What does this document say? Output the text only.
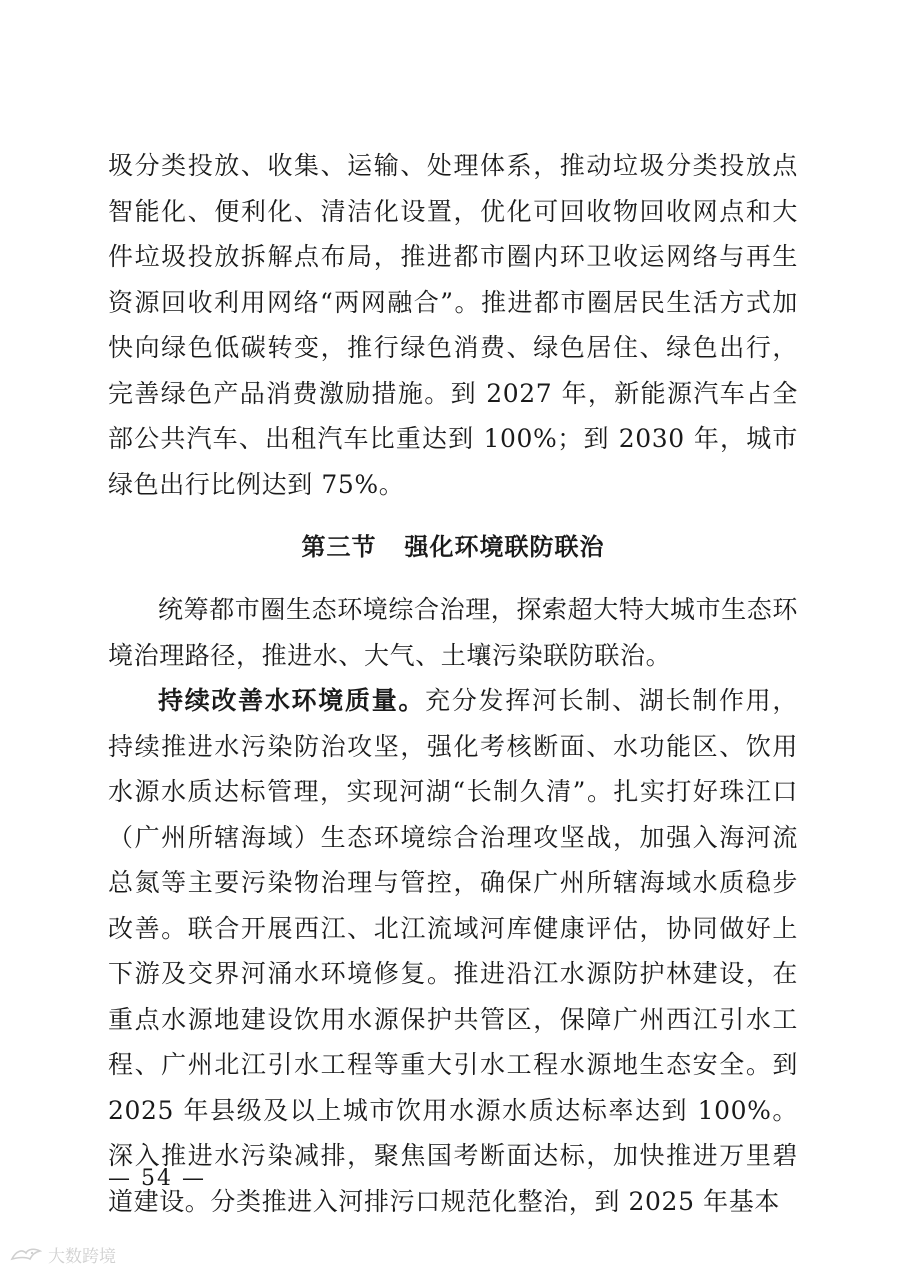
圾分类投放、收集、运输、处理体系，推动垃圾分类投放点智能化、便利化、清洁化设置，优化可回收物回收网点和大件垃圾投放拆解点布局，推进都市圈内环卫收运网络与再生资源回收利用网络“两网融合”。推进都市圈居民生活方式加快向绿色低碳转变，推行绿色消费、绿色居住、绿色出行，完善绿色产品消费激励措施。到 2027 年，新能源汽车占全部公共汽车、出租汽车比重达到 100%；到 2030 年，城市绿色出行比例达到 75%。

第三节 强化环境联防联治

统筹都市圈生态环境综合治理，探索超大特大城市生态环境治理路径，推进水、大气、土壤污染联防联治。

持续改善水环境质量。充分发挥河长制、湖长制作用，持续推进水污染防治攻坚，强化考核断面、水功能区、饮用水源水质达标管理，实现河湖“长制久清”。扎实打好珠江口（广州所辖海域）生态环境综合治理攻坚战，加强入海河流总氮等主要污染物治理与管控，确保广州所辖海域水质稳步改善。联合开展西江、北江流域河库健康评估，协同做好上下游及交界河涌水环境修复。推进沿江水源防护林建设，在重点水源地建设饮用水源保护共管区，保障广州西江引水工程、广州北江引水工程等重大引水工程水源地生态安全。到 2025 年县级及以上城市饮用水源水质达标率达到 100%。深入推进水污染减排，聚焦国考断面达标，加快推进万里碧道建设。分类推进入河排污口规范化整治，到 2025 年基本

— 54 —
大数跨境
